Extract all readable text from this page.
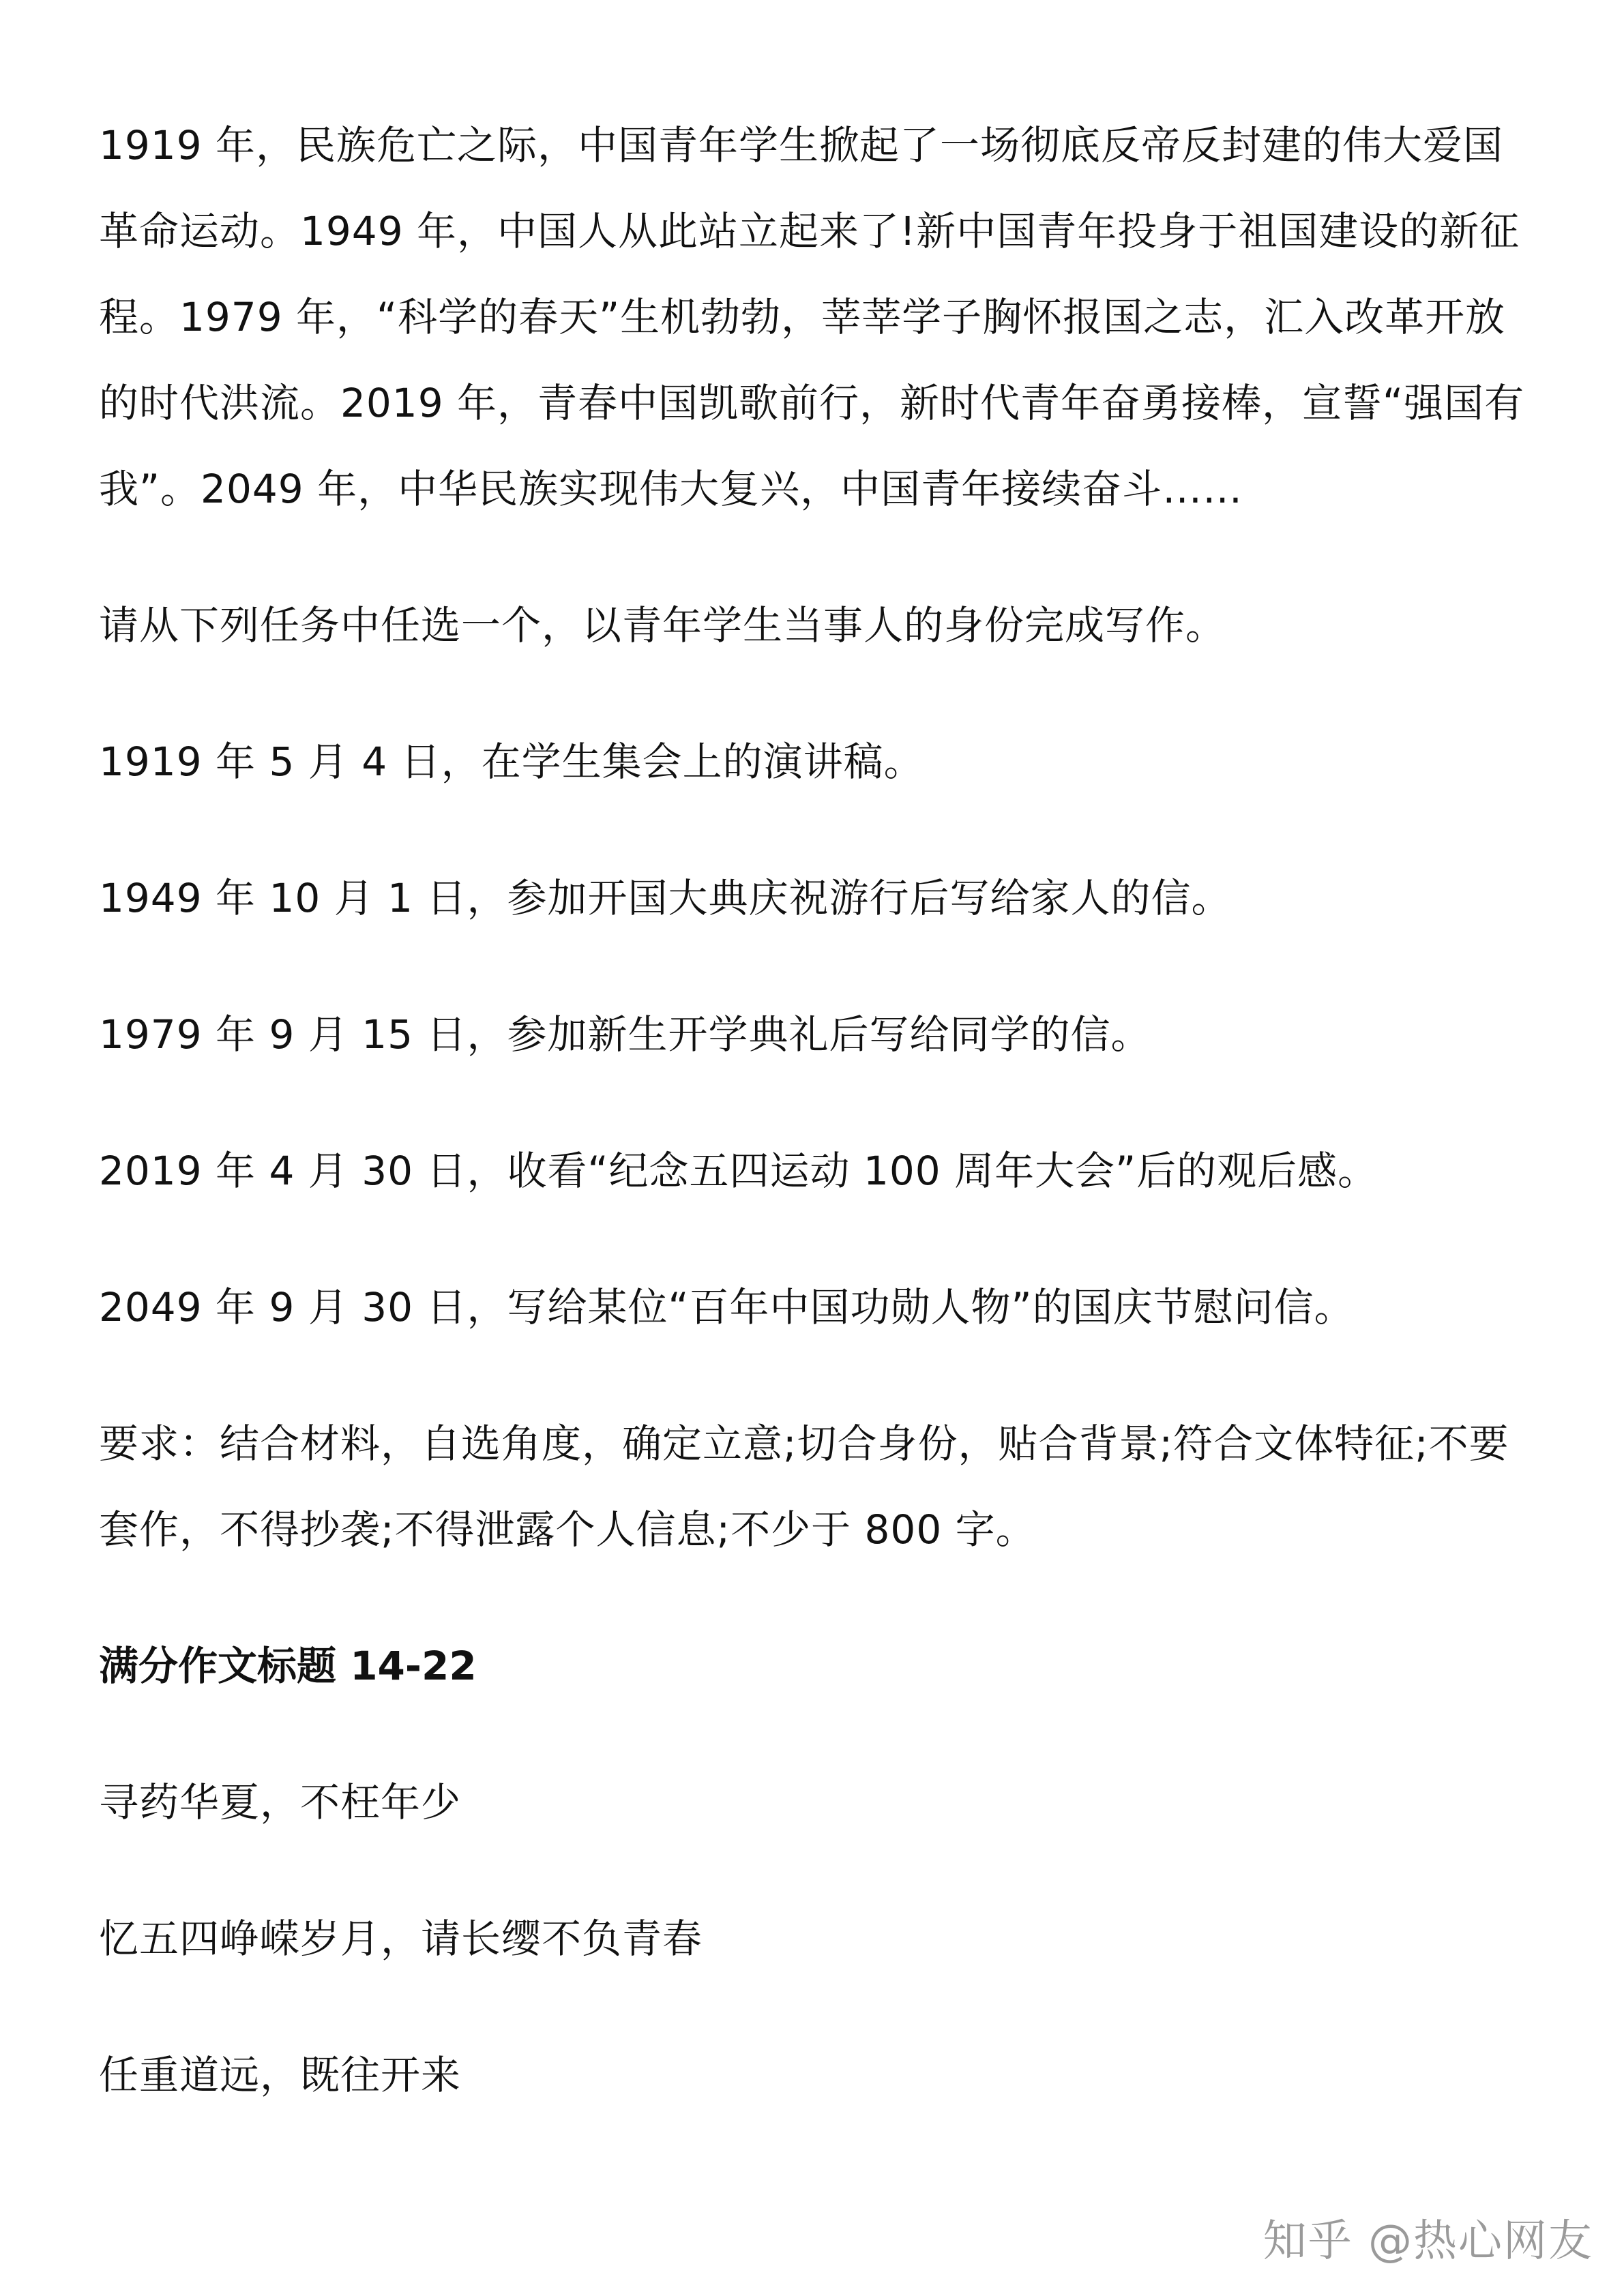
1919 年，民族危亡之际，中国青年学生掀起了一场彻底反帝反封建的伟大爱国革命运动。1949 年，中国人从此站立起来了!新中国青年投身于祖国建设的新征程。1979 年，“科学的春天”生机勃勃，莘莘学子胸怀报国之志，汇入改革开放的时代洪流。2019 年，青春中国凯歌前行，新时代青年奋勇接棒，宣誓“强国有我”。2049 年，中华民族实现伟大复兴，中国青年接续奋斗……

请从下列任务中任选一个，以青年学生当事人的身份完成写作。

1919 年 5 月 4 日，在学生集会上的演讲稿。

1949 年 10 月 1 日，参加开国大典庆祝游行后写给家人的信。

1979 年 9 月 15 日，参加新生开学典礼后写给同学的信。

2019 年 4 月 30 日，收看“纪念五四运动 100 周年大会”后的观后感。

2049 年 9 月 30 日，写给某位“百年中国功勋人物”的国庆节慰问信。

要求：结合材料，自选角度，确定立意;切合身份，贴合背景;符合文体特征;不要套作，不得抄袭;不得泄露个人信息;不少于 800 字。

满分作文标题 14-22

寻药华夏，不枉年少

忆五四峥嵘岁月，请长缨不负青春

任重道远，既往开来

知乎 @热心网友
